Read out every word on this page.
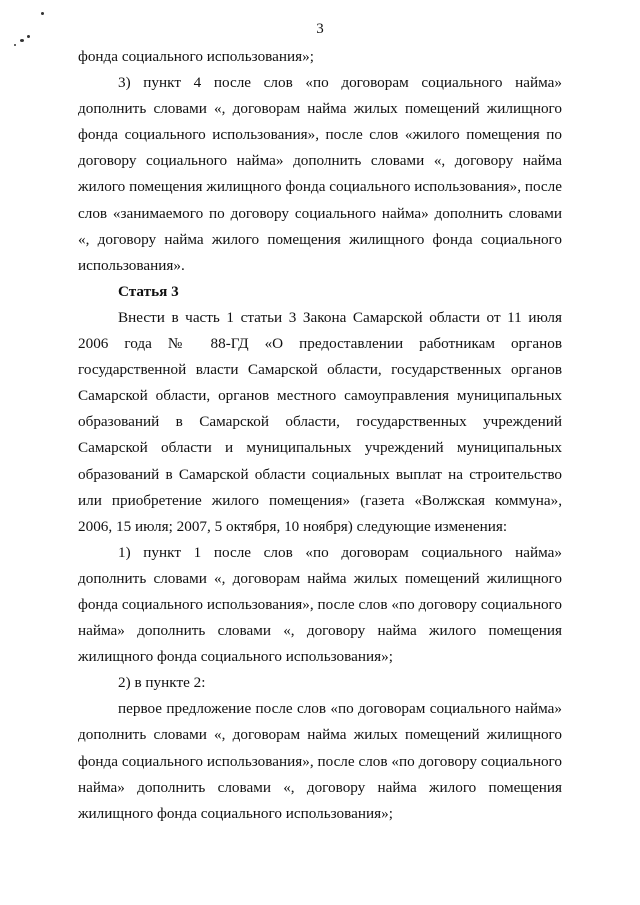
3

фонда социального использования»;

3) пункт 4 после слов «по договорам социального найма» дополнить словами «, договорам найма жилых помещений жилищного фонда социального использования», после слов «жилого помещения по договору социального найма» дополнить словами «, договору найма жилого помещения жилищного фонда социального использования», после слов «занимаемого по договору социального найма» дополнить словами «, договору найма жилого помещения жилищного фонда социального использования».

Статья 3

Внести в часть 1 статьи 3 Закона Самарской области от 11 июля 2006 года № 88-ГД «О предоставлении работникам органов государственной власти Самарской области, государственных органов Самарской области, органов местного самоуправления муниципальных образований в Самарской области, государственных учреждений Самарской области и муниципальных учреждений муниципальных образований в Самарской области социальных выплат на строительство или приобретение жилого помещения» (газета «Волжская коммуна», 2006, 15 июля; 2007, 5 октября, 10 ноября) следующие изменения:

1) пункт 1 после слов «по договорам социального найма» дополнить словами «, договорам найма жилых помещений жилищного фонда социального использования», после слов «по договору социального найма» дополнить словами «, договору найма жилого помещения жилищного фонда социального использования»;

2) в пункте 2:

первое предложение после слов «по договорам социального найма» дополнить словами «, договорам найма жилых помещений жилищного фонда социального использования», после слов «по договору социального найма» дополнить словами «, договору найма жилого помещения жилищного фонда социального использования»;
